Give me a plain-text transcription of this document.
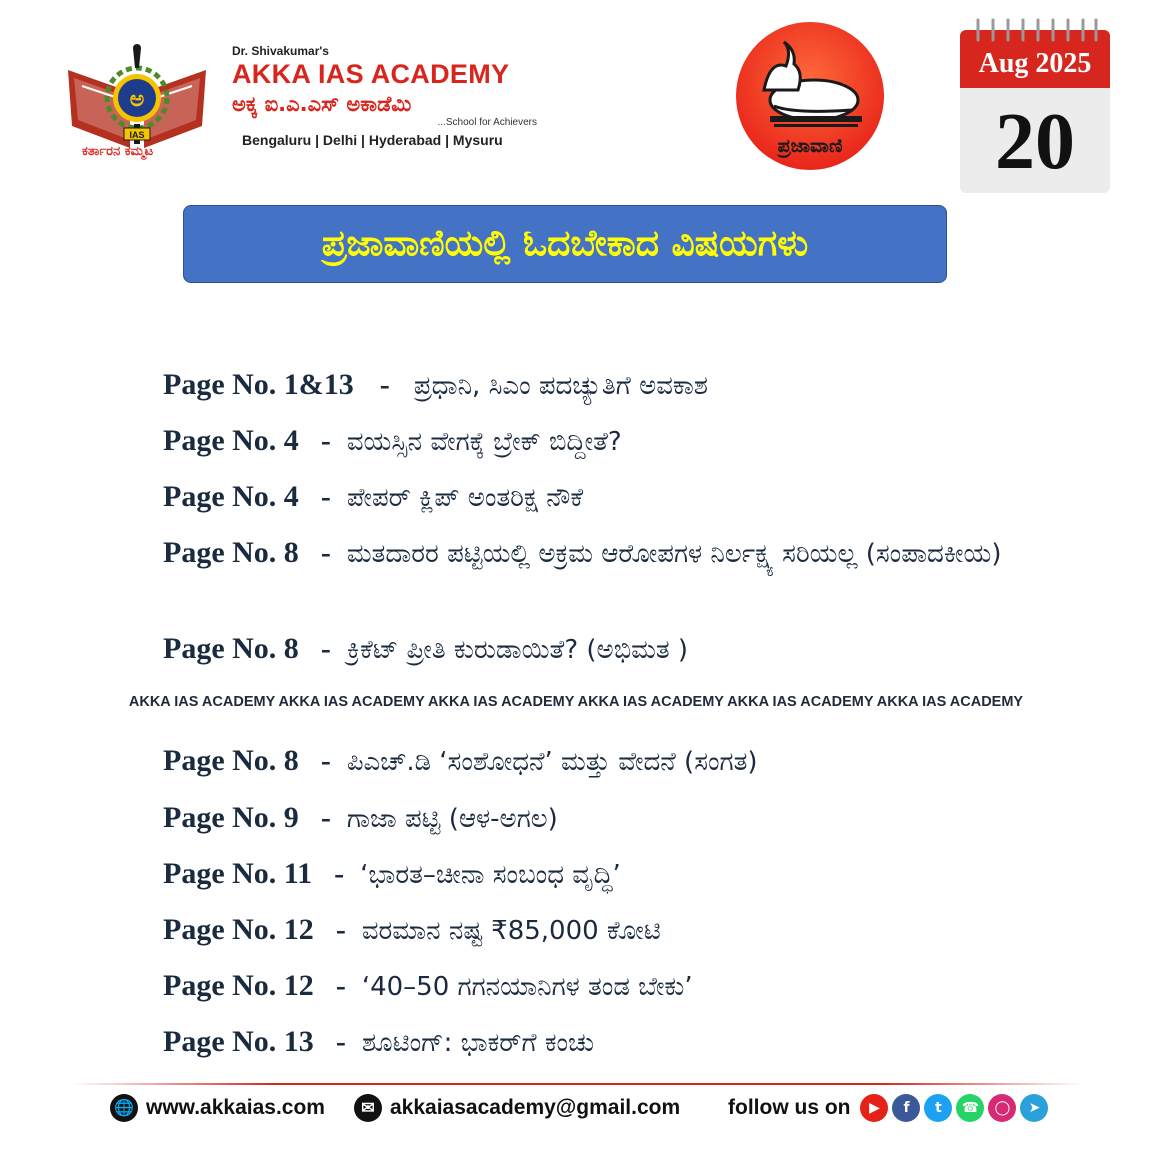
ಅ
IAS
ಕರ್ತಾರನ ಕಮ್ಮಟ
Dr. Shivakumar's
AKKA IAS ACADEMY
ಅಕ್ಕ ಐ.ಎ.ಎಸ್ ಅಕಾಡೆಮಿ
...School for Achievers
Bengaluru | Delhi | Hyderabad | Mysuru	ಪ್ರಜಾವಾಣಿ
Aug 2025
20
ಪ್ರಜಾವಾಣಿಯಲ್ಲಿ ಓದಬೇಕಾದ ವಿಷಯಗಳು
Page No. 1&13 - ಪ್ರಧಾನಿ, ಸಿಎಂ ಪದಚ್ಯುತಿಗೆ ಅವಕಾಶ
Page No. 4 - ವಯಸ್ಸಿನ ವೇಗಕ್ಕೆ ಬ್ರೇಕ್ ಬಿದ್ದೀತೆ?
Page No. 4 - ಪೇಪರ್ ಕ್ಲಿಪ್ ಅಂತರಿಕ್ಷ ನೌಕೆ
Page No. 8 - ಮತದಾರರ ಪಟ್ಟಿಯಲ್ಲಿ ಅಕ್ರಮ ಆರೋಪಗಳ ನಿರ್ಲಕ್ಷ್ಯ ಸರಿಯಲ್ಲ (ಸಂಪಾದಕೀಯ)
Page No. 8 - ಕ್ರಿಕೆಟ್ ಪ್ರೀತಿ ಕುರುಡಾಯಿತೆ? (ಅಭಿಮತ )
AKKA IAS ACADEMY AKKA IAS ACADEMY AKKA IAS ACADEMY AKKA IAS ACADEMY AKKA IAS ACADEMY AKKA IAS ACADEMY
Page No. 8 - ಪಿಎಚ್.ಡಿ ‘ಸಂಶೋಧನೆ’ ಮತ್ತು ವೇದನೆ (ಸಂಗತ)
Page No. 9 - ಗಾಜಾ ಪಟ್ಟಿ (ಆಳ-ಅಗಲ)
Page No. 11 - ‘ಭಾರತ–ಚೀನಾ ಸಂಬಂಧ ವೃದ್ಧಿ’
Page No. 12 - ವರಮಾನ ನಷ್ಟ ₹85,000 ಕೋಟಿ
Page No. 12 - ‘40–50 ಗಗನಯಾನಿಗಳ ತಂಡ ಬೇಕು’
Page No. 13 - ಶೂಟಿಂಗ್: ಭಾಕರ್‌ಗೆ ಕಂಚು
🌐 www.akkaias.com	✉ akkaiasacademy@gmail.com follow us on	▶	f	t	☎	◯	➤
